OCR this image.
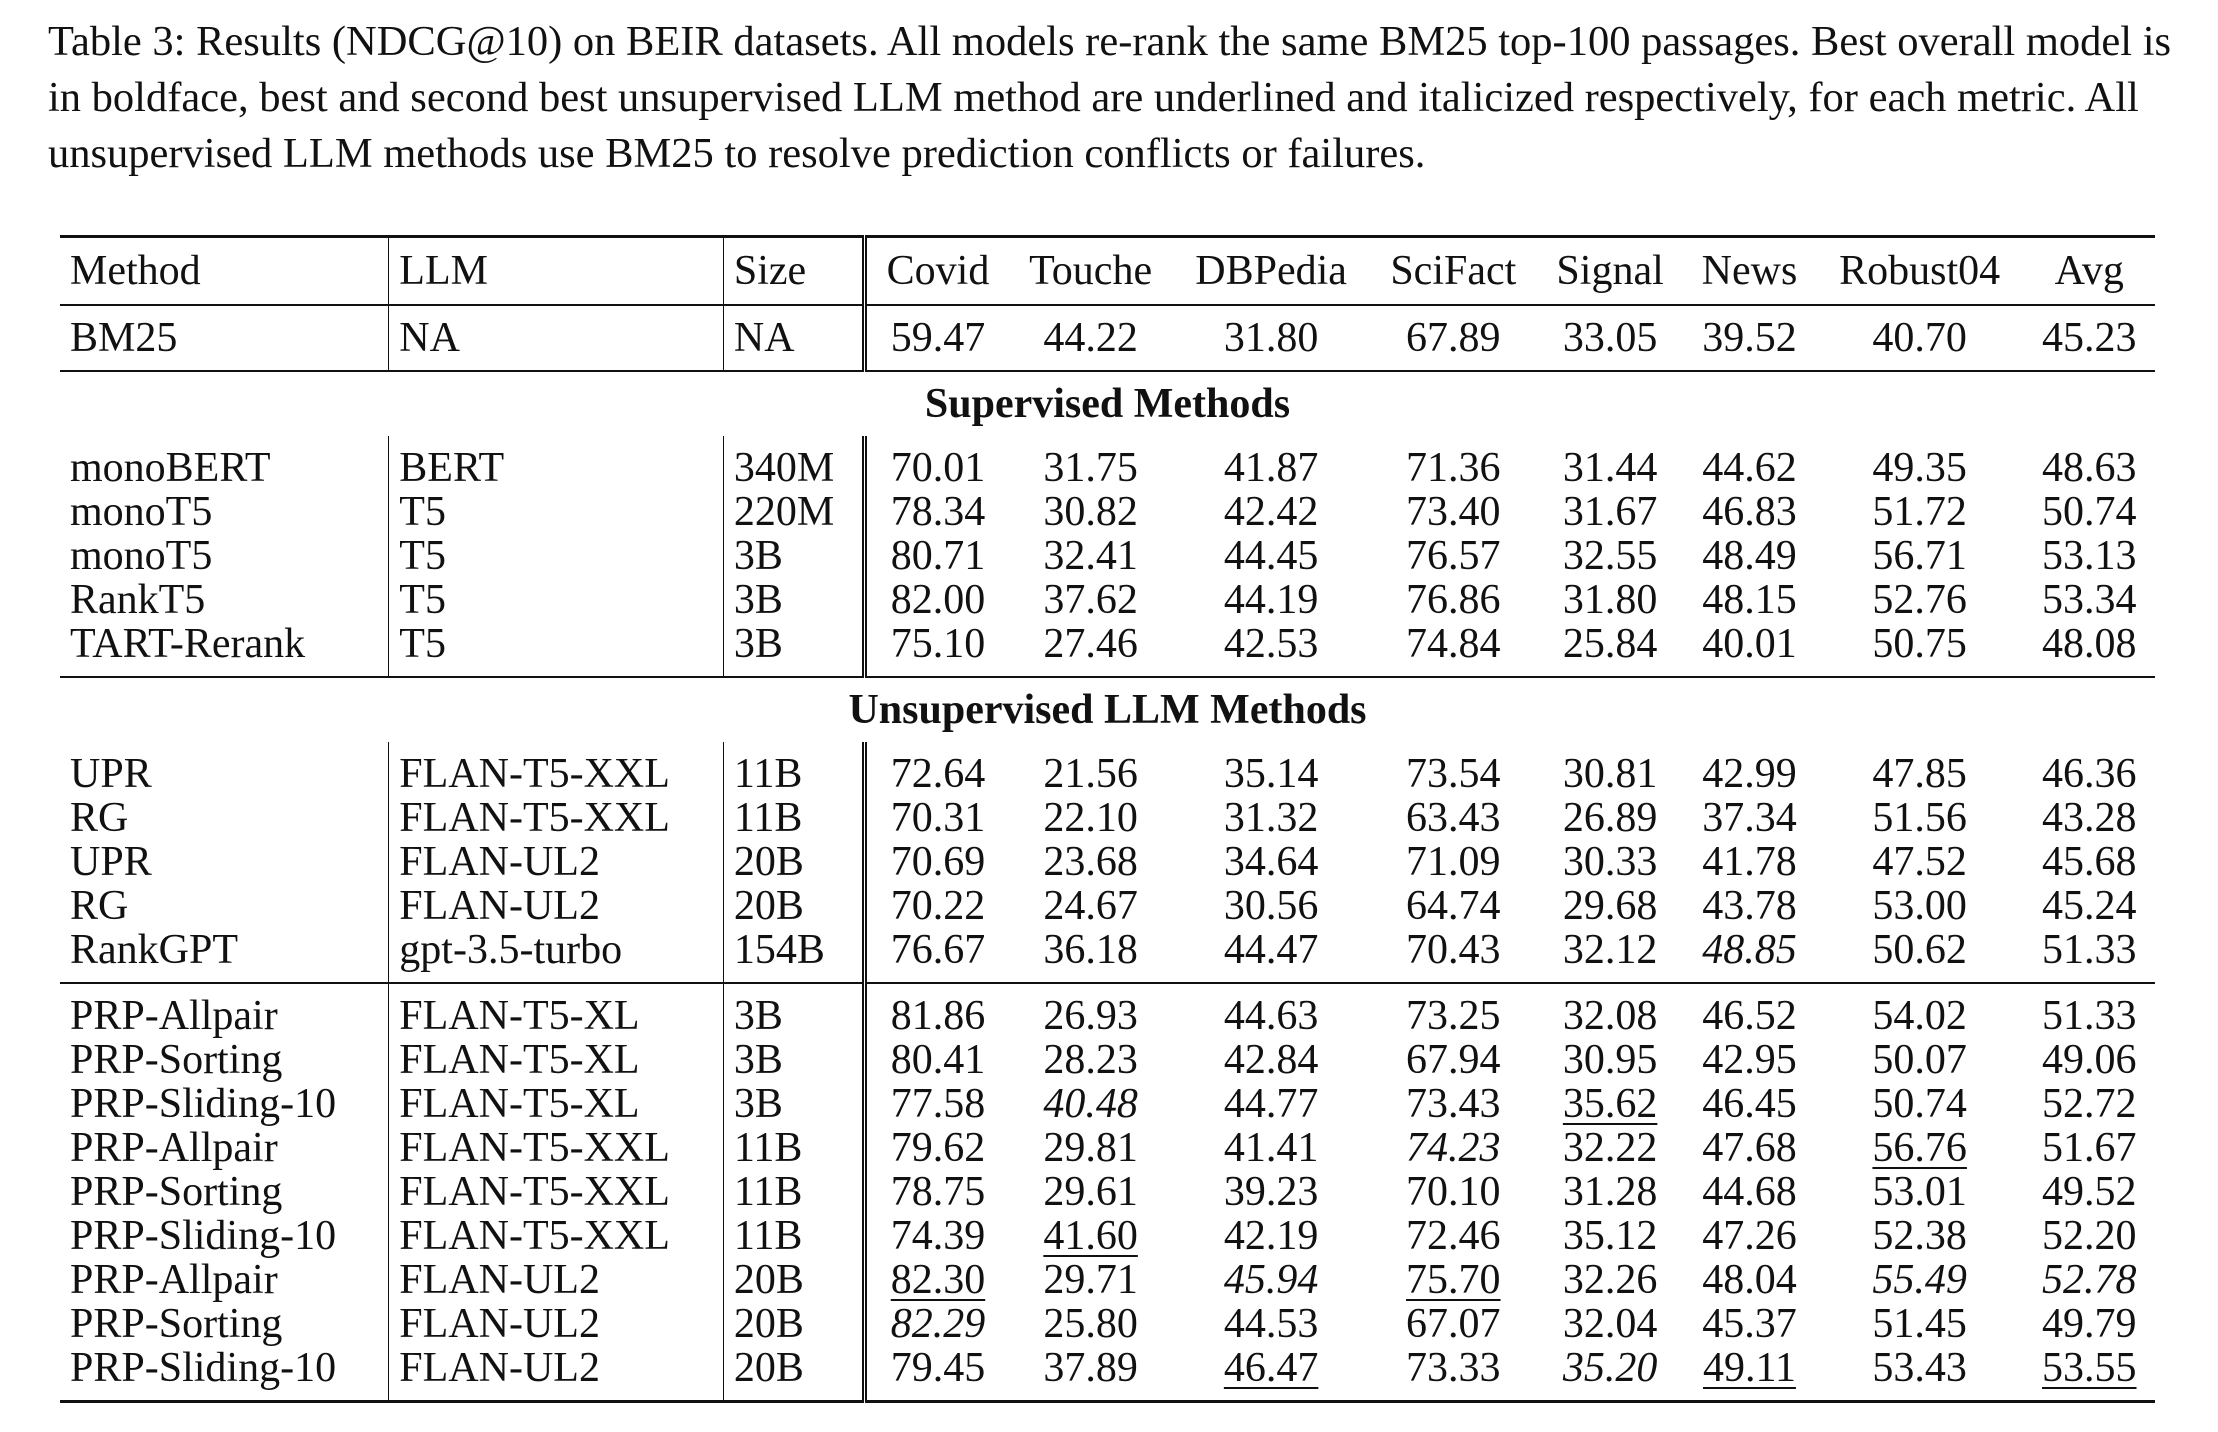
Table 3: Results (NDCG@10) on BEIR datasets. All models re-rank the same BM25 top-100 passages. Best overall model is in boldface, best and second best unsupervised LLM method are underlined and italicized respectively, for each metric. All unsupervised LLM methods use BM25 to resolve prediction conflicts or failures.
Method	LLM	Size	Covid	Touche	DBPedia	SciFact	Signal	News	Robust04	Avg
BM25	NA	NA	59.47	44.22	31.80	67.89	33.05	39.52	40.70	45.23
Supervised Methods										
monoBERT	BERT	340M	70.01	31.75	41.87	71.36	31.44	44.62	49.35	48.63
monoT5	T5	220M	78.34	30.82	42.42	73.40	31.67	46.83	51.72	50.74
monoT5	T5	3B	80.71	32.41	44.45	76.57	32.55	48.49	56.71	53.13
RankT5	T5	3B	82.00	37.62	44.19	76.86	31.80	48.15	52.76	53.34
TART-Rerank	T5	3B	75.10	27.46	42.53	74.84	25.84	40.01	50.75	48.08
Unsupervised LLM Methods										
UPR	FLAN-T5-XXL	11B	72.64	21.56	35.14	73.54	30.81	42.99	47.85	46.36
RG	FLAN-T5-XXL	11B	70.31	22.10	31.32	63.43	26.89	37.34	51.56	43.28
UPR	FLAN-UL2	20B	70.69	23.68	34.64	71.09	30.33	41.78	47.52	45.68
RG	FLAN-UL2	20B	70.22	24.67	30.56	64.74	29.68	43.78	53.00	45.24
RankGPT	gpt-3.5-turbo	154B	76.67	36.18	44.47	70.43	32.12	48.85	50.62	51.33
PRP-Allpair	FLAN-T5-XL	3B	81.86	26.93	44.63	73.25	32.08	46.52	54.02	51.33
PRP-Sorting	FLAN-T5-XL	3B	80.41	28.23	42.84	67.94	30.95	42.95	50.07	49.06
PRP-Sliding-10	FLAN-T5-XL	3B	77.58	40.48	44.77	73.43	35.62	46.45	50.74	52.72
PRP-Allpair	FLAN-T5-XXL	11B	79.62	29.81	41.41	74.23	32.22	47.68	56.76	51.67
PRP-Sorting	FLAN-T5-XXL	11B	78.75	29.61	39.23	70.10	31.28	44.68	53.01	49.52
PRP-Sliding-10	FLAN-T5-XXL	11B	74.39	41.60	42.19	72.46	35.12	47.26	52.38	52.20
PRP-Allpair	FLAN-UL2	20B	82.30	29.71	45.94	75.70	32.26	48.04	55.49	52.78
PRP-Sorting	FLAN-UL2	20B	82.29	25.80	44.53	67.07	32.04	45.37	51.45	49.79
PRP-Sliding-10	FLAN-UL2	20B	79.45	37.89	46.47	73.33	35.20	49.11	53.43	53.55
